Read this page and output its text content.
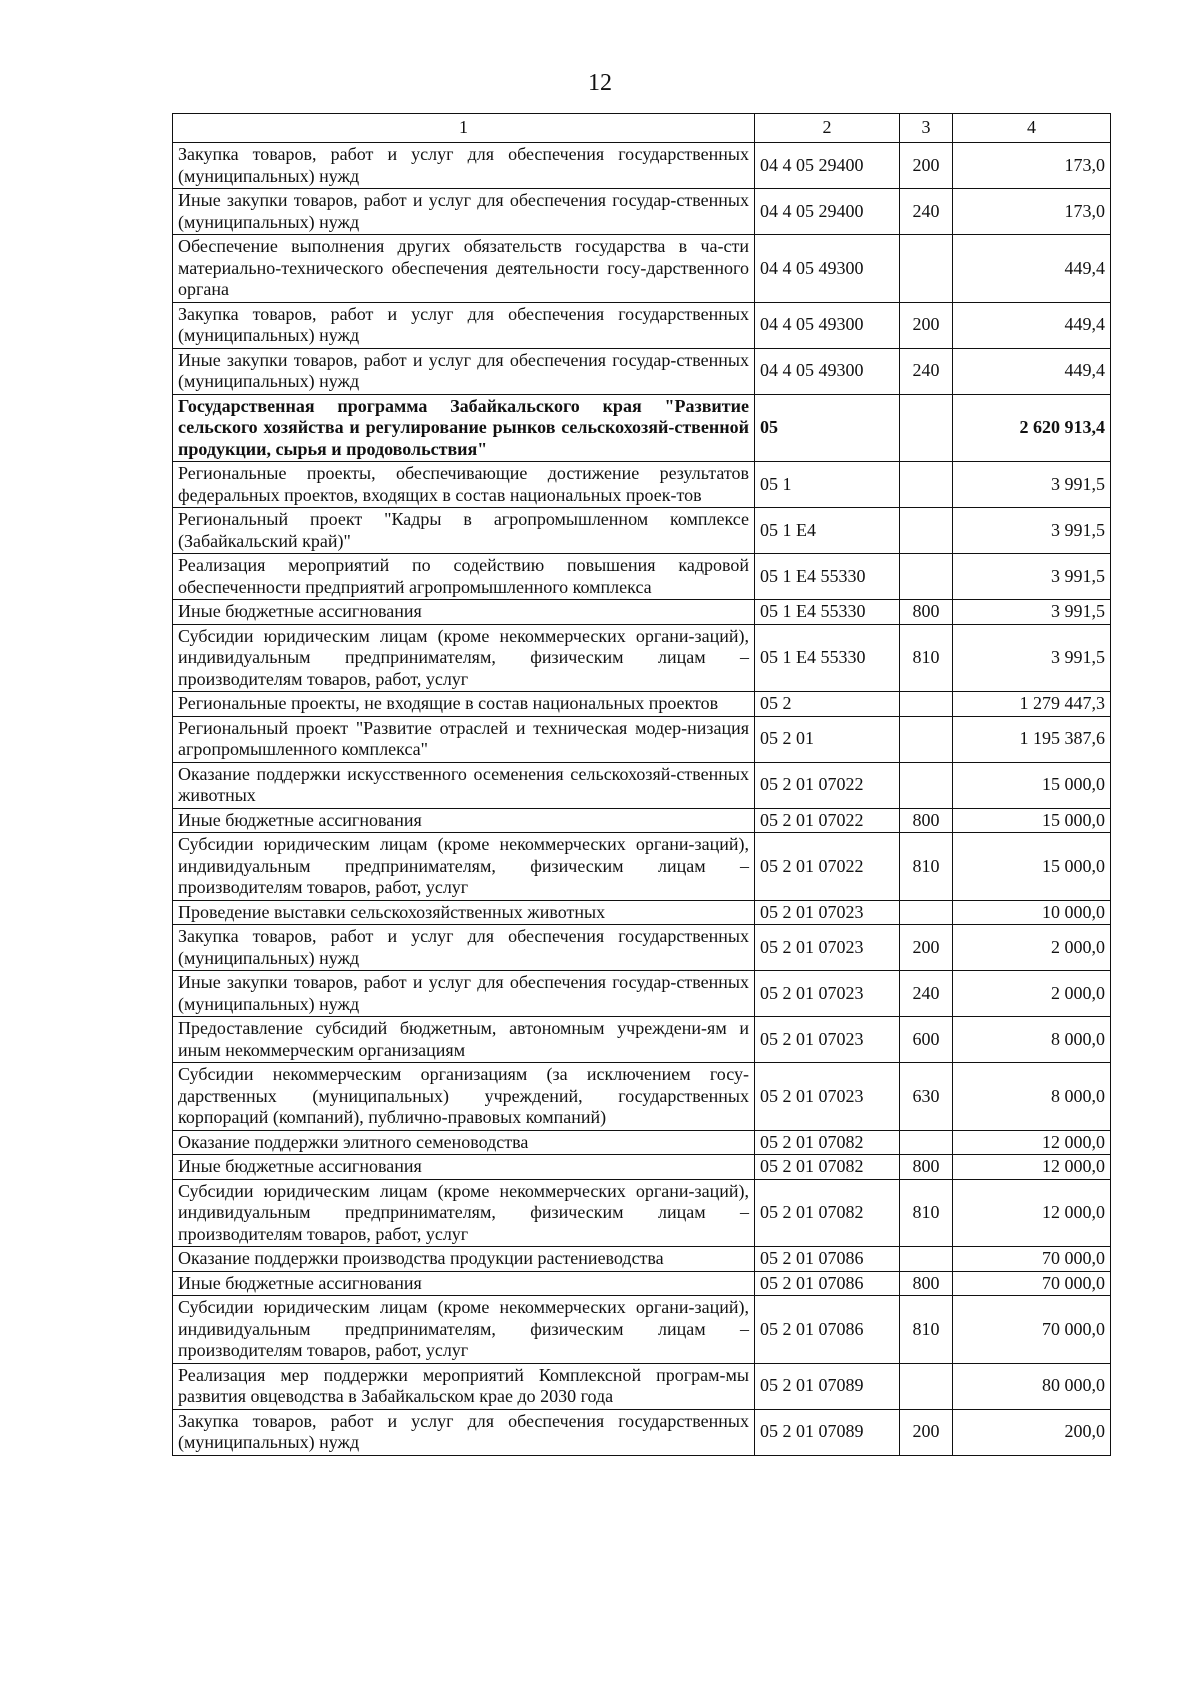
12
1	2	3	4
Закупка товаров, работ и услуг для обеспечения государственных (муниципальных) нужд	04 4 05 29400	200	173,0
Иные закупки товаров, работ и услуг для обеспечения государ-ственных (муниципальных) нужд	04 4 05 29400	240	173,0
Обеспечение выполнения других обязательств государства в ча-сти материально-технического обеспечения деятельности госу-дарственного органа	04 4 05 49300		449,4
Закупка товаров, работ и услуг для обеспечения государственных (муниципальных) нужд	04 4 05 49300	200	449,4
Иные закупки товаров, работ и услуг для обеспечения государ-ственных (муниципальных) нужд	04 4 05 49300	240	449,4
Государственная программа Забайкальского края "Развитие сельского хозяйства и регулирование рынков сельскохозяй-ственной продукции, сырья и продовольствия"	05		2 620 913,4
Региональные проекты, обеспечивающие достижение результатов федеральных проектов, входящих в состав национальных проек-тов	05 1		3 991,5
Региональный проект "Кадры в агропромышленном комплексе (Забайкальский край)"	05 1 Е4		3 991,5
Реализация мероприятий по содействию повышения кадровой обеспеченности предприятий агропромышленного комплекса	05 1 Е4 55330		3 991,5
Иные бюджетные ассигнования	05 1 Е4 55330	800	3 991,5
Субсидии юридическим лицам (кроме некоммерческих органи-заций), индивидуальным предпринимателям, физическим лицам – производителям товаров, работ, услуг	05 1 Е4 55330	810	3 991,5
Региональные проекты, не входящие в состав национальных проектов	05 2		1 279 447,3
Региональный проект "Развитие отраслей и техническая модер-низация агропромышленного комплекса"	05 2 01		1 195 387,6
Оказание поддержки искусственного осеменения сельскохозяй-ственных животных	05 2 01 07022		15 000,0
Иные бюджетные ассигнования	05 2 01 07022	800	15 000,0
Субсидии юридическим лицам (кроме некоммерческих органи-заций), индивидуальным предпринимателям, физическим лицам – производителям товаров, работ, услуг	05 2 01 07022	810	15 000,0
Проведение выставки сельскохозяйственных животных	05 2 01 07023		10 000,0
Закупка товаров, работ и услуг для обеспечения государственных (муниципальных) нужд	05 2 01 07023	200	2 000,0
Иные закупки товаров, работ и услуг для обеспечения государ-ственных (муниципальных) нужд	05 2 01 07023	240	2 000,0
Предоставление субсидий бюджетным, автономным учреждени-ям и иным некоммерческим организациям	05 2 01 07023	600	8 000,0
Субсидии некоммерческим организациям (за исключением госу-дарственных (муниципальных) учреждений, государственных корпораций (компаний), публично-правовых компаний)	05 2 01 07023	630	8 000,0
Оказание поддержки элитного семеноводства	05 2 01 07082		12 000,0
Иные бюджетные ассигнования	05 2 01 07082	800	12 000,0
Субсидии юридическим лицам (кроме некоммерческих органи-заций), индивидуальным предпринимателям, физическим лицам – производителям товаров, работ, услуг	05 2 01 07082	810	12 000,0
Оказание поддержки производства продукции растениеводства	05 2 01 07086		70 000,0
Иные бюджетные ассигнования	05 2 01 07086	800	70 000,0
Субсидии юридическим лицам (кроме некоммерческих органи-заций), индивидуальным предпринимателям, физическим лицам – производителям товаров, работ, услуг	05 2 01 07086	810	70 000,0
Реализация мер поддержки мероприятий Комплексной програм-мы развития овцеводства в Забайкальском крае до 2030 года	05 2 01 07089		80 000,0
Закупка товаров, работ и услуг для обеспечения государственных (муниципальных) нужд	05 2 01 07089	200	200,0
